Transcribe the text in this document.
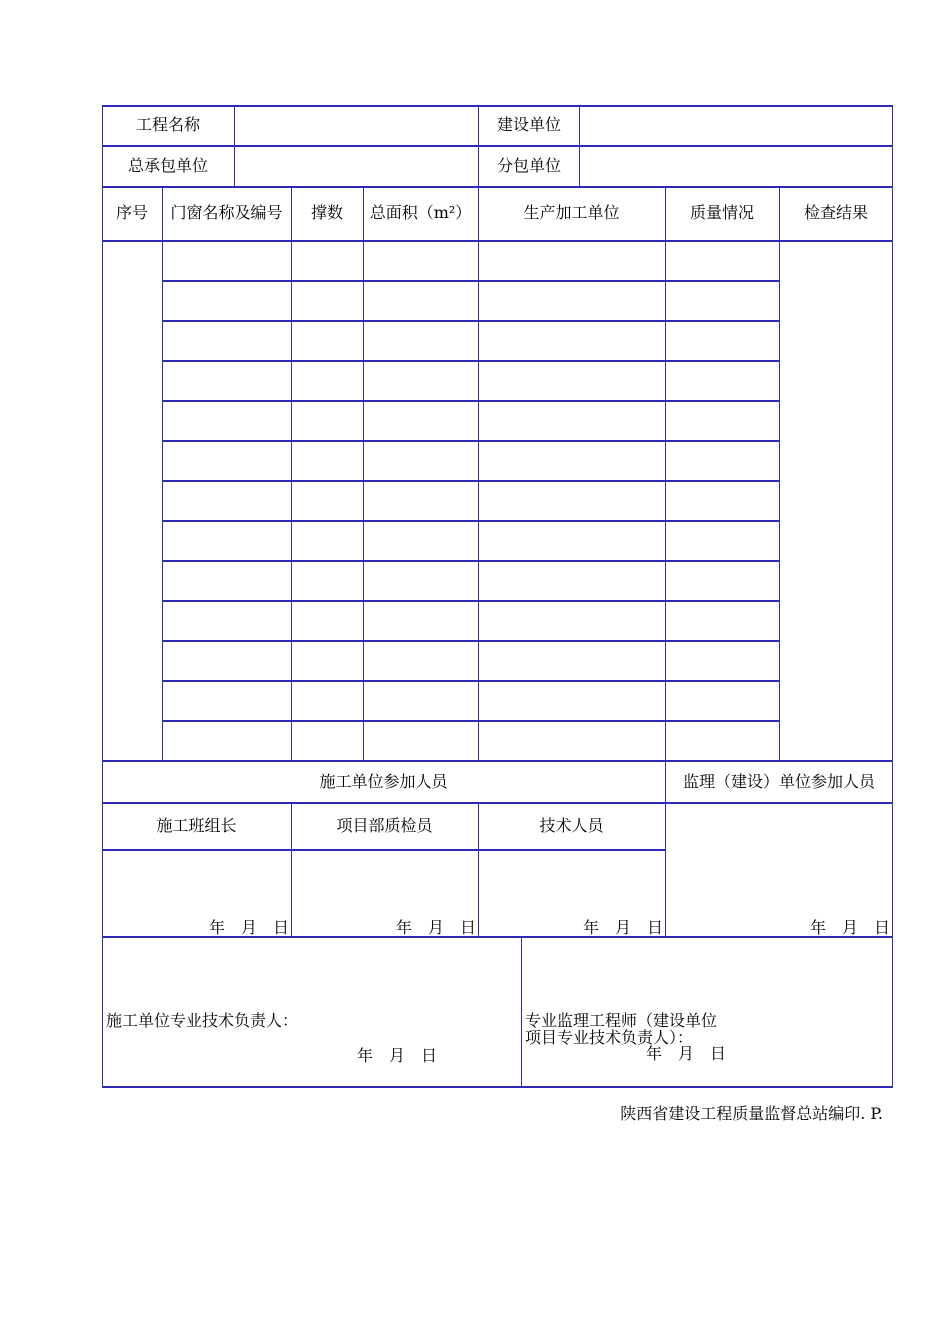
工程名称	建设单位
总承包单位	分包单位
序号	门窗名称及编号	撑数	总面积（m²）	生产加工单位	质量情况	检查结果
施工单位参加人员	监理（建设）单位参加人员
施工班组长	项目部质检员	技术人员
年　月　日	年　月　日	年　月　日	年　月　日
施工单位专业技术负责人：
年　月　日
专业监理工程师（建设单位
项目专业技术负责人）：
年　月　日
陕西省建设工程质量监督总站编印. P.
